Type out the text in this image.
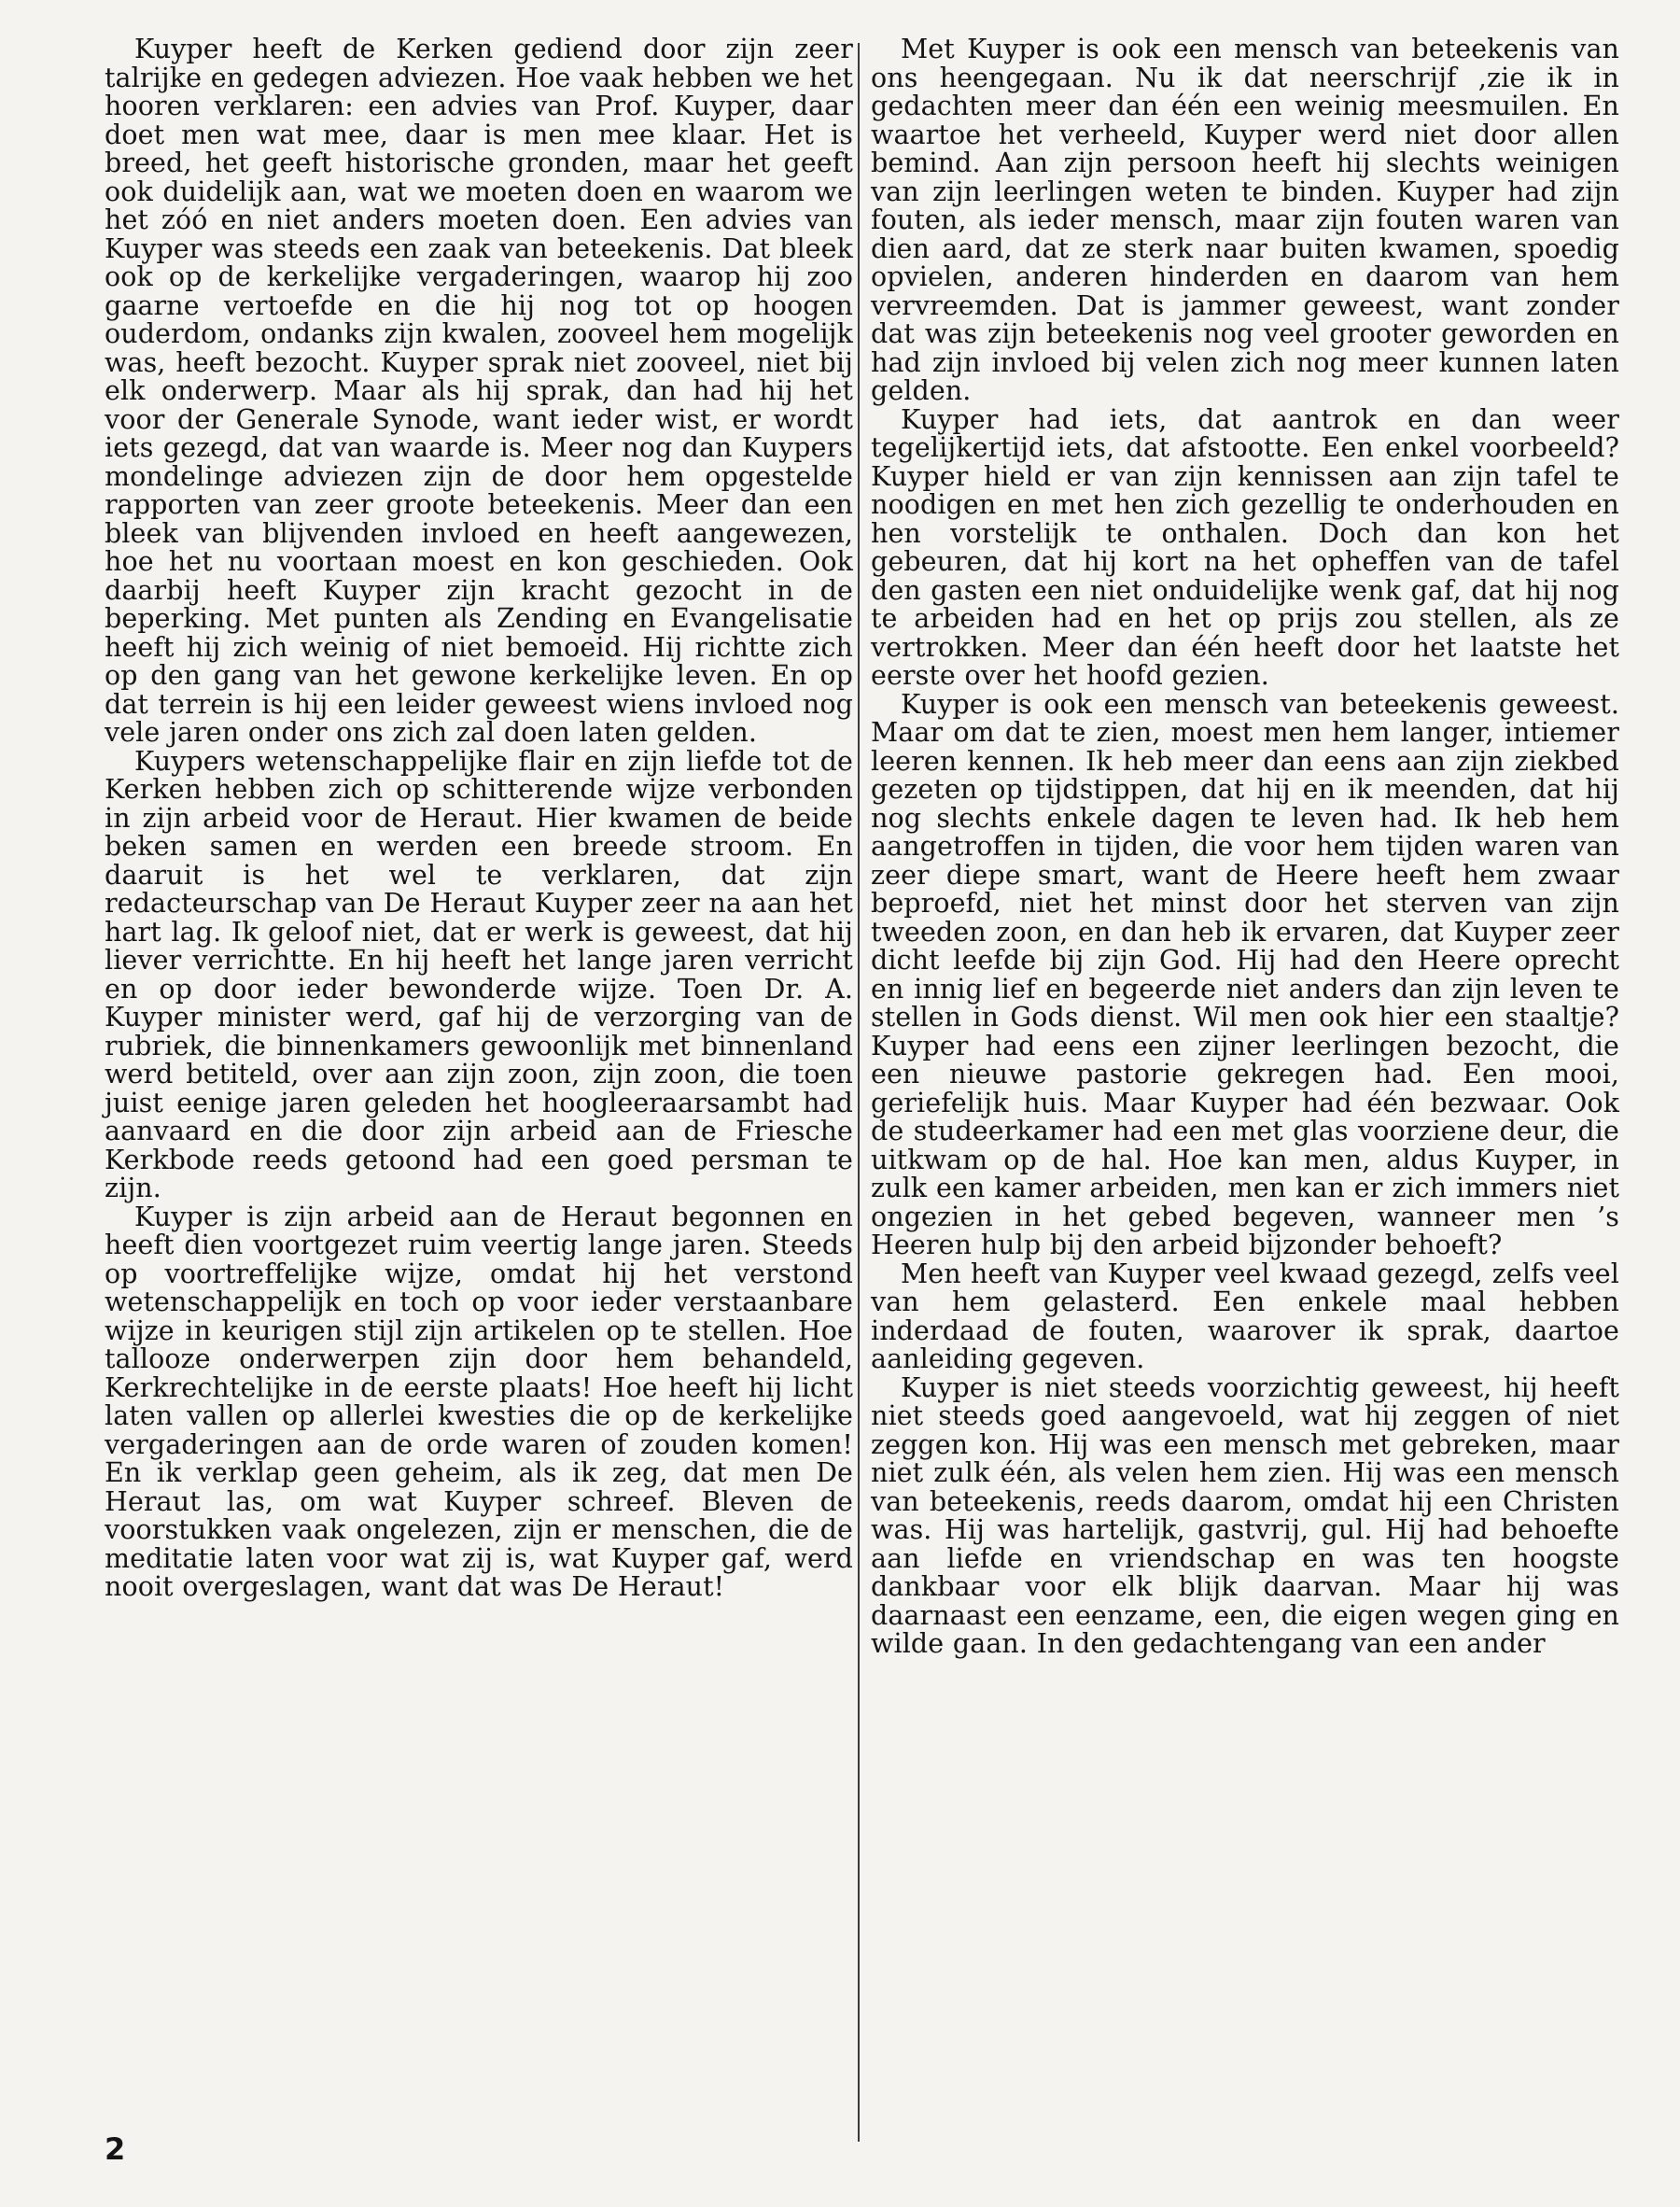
Kuyper heeft de Kerken gediend door zijn zeer talrijke en gedegen adviezen. Hoe vaak hebben we het hooren verklaren: een advies van Prof. Kuyper, daar doet men wat mee, daar is men mee klaar. Het is breed, het geeft historische gronden, maar het geeft ook duidelijk aan, wat we moeten doen en waarom we het zóó en niet anders moeten doen. Een advies van Kuyper was steeds een zaak van beteekenis. Dat bleek ook op de kerkelijke vergaderingen, waarop hij zoo gaarne vertoefde en die hij nog tot op hoogen ouderdom, ondanks zijn kwalen, zooveel hem mogelijk was, heeft bezocht. Kuyper sprak niet zooveel, niet bij elk onderwerp. Maar als hij sprak, dan had hij het voor der Generale Synode, want ieder wist, er wordt iets gezegd, dat van waarde is. Meer nog dan Kuypers mondelinge adviezen zijn de door hem opgestelde rapporten van zeer groote beteekenis. Meer dan een bleek van blijvenden invloed en heeft aangewezen, hoe het nu voortaan moest en kon geschieden. Ook daarbij heeft Kuyper zijn kracht gezocht in de beperking. Met punten als Zending en Evangelisatie heeft hij zich weinig of niet bemoeid. Hij richtte zich op den gang van het gewone kerkelijke leven. En op dat terrein is hij een leider geweest wiens invloed nog vele jaren onder ons zich zal doen laten gelden.

Kuypers wetenschappelijke flair en zijn liefde tot de Kerken hebben zich op schitterende wijze verbonden in zijn arbeid voor de Heraut. Hier kwamen de beide beken samen en werden een breede stroom. En daaruit is het wel te verklaren, dat zijn redacteurschap van De Heraut Kuyper zeer na aan het hart lag. Ik geloof niet, dat er werk is geweest, dat hij liever verrichtte. En hij heeft het lange jaren verricht en op door ieder bewonderde wijze. Toen Dr. A. Kuyper minister werd, gaf hij de verzorging van de rubriek, die binnenkamers gewoonlijk met binnenland werd betiteld, over aan zijn zoon, zijn zoon, die toen juist eenige jaren geleden het hoogleeraarsambt had aanvaard en die door zijn arbeid aan de Friesche Kerkbode reeds getoond had een goed persman te zijn.

Kuyper is zijn arbeid aan de Heraut begonnen en heeft dien voortgezet ruim veertig lange jaren. Steeds op voortreffelijke wijze, omdat hij het verstond wetenschappelijk en toch op voor ieder verstaanbare wijze in keurigen stijl zijn artikelen op te stellen. Hoe tallooze onderwerpen zijn door hem behandeld, Kerkrechtelijke in de eerste plaats! Hoe heeft hij licht laten vallen op allerlei kwesties die op de kerkelijke vergaderingen aan de orde waren of zouden komen! En ik verklap geen geheim, als ik zeg, dat men De Heraut las, om wat Kuyper schreef. Bleven de voorstukken vaak ongelezen, zijn er menschen, die de meditatie laten voor wat zij is, wat Kuyper gaf, werd nooit overgeslagen, want dat was De Heraut!

Met Kuyper is ook een mensch van beteekenis van ons heengegaan. Nu ik dat neerschrijf ,zie ik in gedachten meer dan één een weinig meesmuilen. En waartoe het verheeld, Kuyper werd niet door allen bemind. Aan zijn persoon heeft hij slechts weinigen van zijn leerlingen weten te binden. Kuyper had zijn fouten, als ieder mensch, maar zijn fouten waren van dien aard, dat ze sterk naar buiten kwamen, spoedig opvielen, anderen hinderden en daarom van hem vervreemden. Dat is jammer geweest, want zonder dat was zijn beteekenis nog veel grooter geworden en had zijn invloed bij velen zich nog meer kunnen laten gelden.

Kuyper had iets, dat aantrok en dan weer tegelijkertijd iets, dat afstootte. Een enkel voorbeeld? Kuyper hield er van zijn kennissen aan zijn tafel te noodigen en met hen zich gezellig te onderhouden en hen vorstelijk te onthalen. Doch dan kon het gebeuren, dat hij kort na het opheffen van de tafel den gasten een niet onduidelijke wenk gaf, dat hij nog te arbeiden had en het op prijs zou stellen, als ze vertrokken. Meer dan één heeft door het laatste het eerste over het hoofd gezien.

Kuyper is ook een mensch van beteekenis geweest. Maar om dat te zien, moest men hem langer, intiemer leeren kennen. Ik heb meer dan eens aan zijn ziekbed gezeten op tijdstippen, dat hij en ik meenden, dat hij nog slechts enkele dagen te leven had. Ik heb hem aangetroffen in tijden, die voor hem tijden waren van zeer diepe smart, want de Heere heeft hem zwaar beproefd, niet het minst door het sterven van zijn tweeden zoon, en dan heb ik ervaren, dat Kuyper zeer dicht leefde bij zijn God. Hij had den Heere oprecht en innig lief en begeerde niet anders dan zijn leven te stellen in Gods dienst. Wil men ook hier een staaltje? Kuyper had eens een zijner leerlingen bezocht, die een nieuwe pastorie gekregen had. Een mooi, geriefelijk huis. Maar Kuyper had één bezwaar. Ook de studeerkamer had een met glas voorziene deur, die uitkwam op de hal. Hoe kan men, aldus Kuyper, in zulk een kamer arbeiden, men kan er zich immers niet ongezien in het gebed begeven, wanneer men ’s Heeren hulp bij den arbeid bijzonder behoeft?

Men heeft van Kuyper veel kwaad gezegd, zelfs veel van hem gelasterd. Een enkele maal hebben inderdaad de fouten, waarover ik sprak, daartoe aanleiding gegeven.

Kuyper is niet steeds voorzichtig geweest, hij heeft niet steeds goed aangevoeld, wat hij zeggen of niet zeggen kon. Hij was een mensch met gebreken, maar niet zulk één, als velen hem zien. Hij was een mensch van beteekenis, reeds daarom, omdat hij een Christen was. Hij was hartelijk, gastvrij, gul. Hij had behoefte aan liefde en vriendschap en was ten hoogste dankbaar voor elk blijk daarvan. Maar hij was daarnaast een eenzame, een, die eigen wegen ging en wilde gaan. In den gedachtengang van een ander

2
